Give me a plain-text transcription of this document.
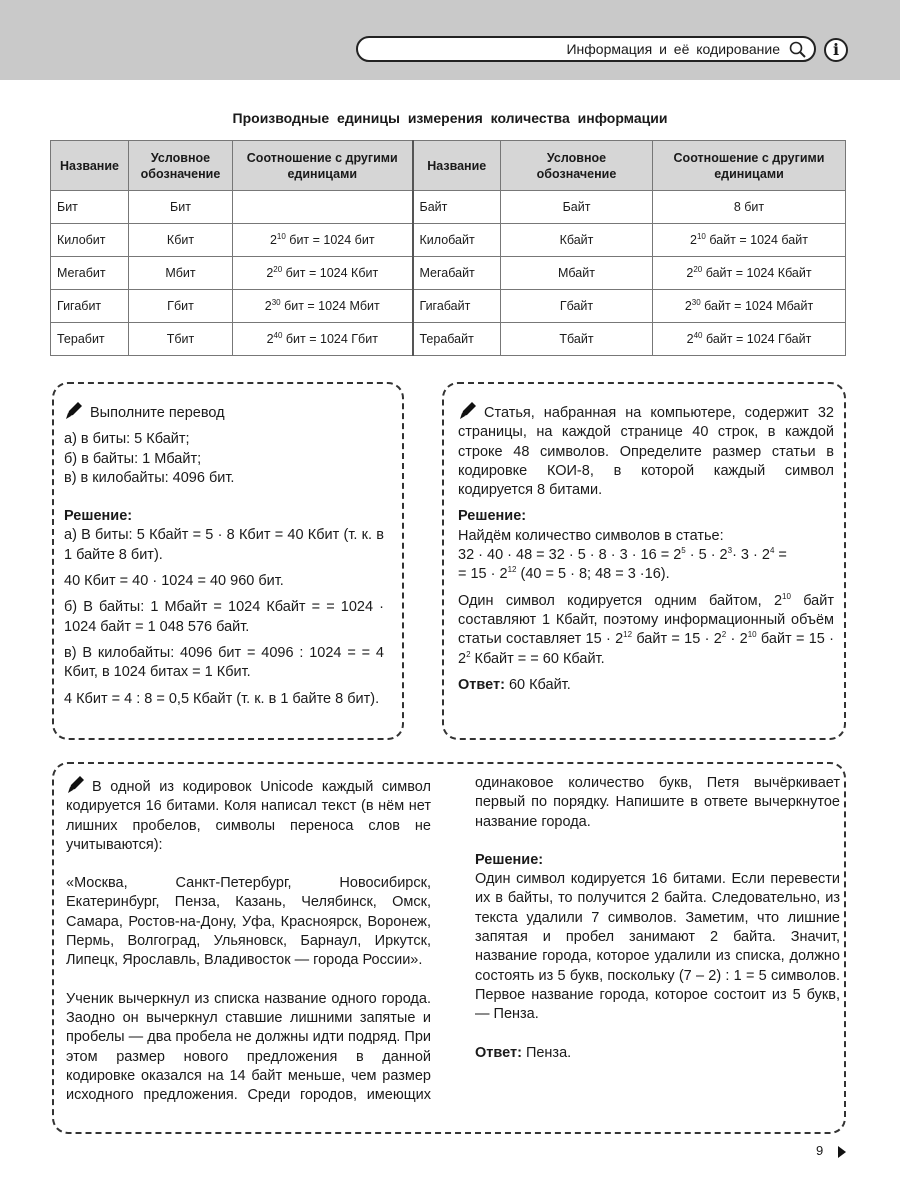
Информация и её кодирование	i
Производные единицы измерения количества информации
Название	Условное обозначение	Соотношение с другими единицами	Название	Условное обозначение	Соотношение с другими единицами
Бит	Бит		Байт	Байт	8 бит
Килобит	Кбит	$2^{10}$ бит = 1024 бит	Килобайт	Кбайт	$2^{10}$ байт = 1024 байт
Мегабит	Мбит	$2^{20}$ бит = 1024 Кбит	Мегабайт	Мбайт	$2^{20}$ байт = 1024 Кбайт
Гигабит	Гбит	$2^{30}$ бит = 1024 Мбит	Гигабайт	Гбайт	$2^{30}$ байт = 1024 Мбайт
Терабит	Тбит	$2^{40}$ бит = 1024 Гбит	Терабайт	Тбайт	$2^{40}$ байт = 1024 Гбайт

Выполните перевод

а) в биты: 5 Кбайт;

б) в байты: 1 Мбайт;

в) в килобайты: 4096 бит.

Решение:

а) В биты: 5 Кбайт = 5 · 8 Кбит = 40 Кбит (т. к. в 1 байте 8 бит).

40 Кбит = 40 · 1024 = 40 960 бит.

б) В байты: 1 Мбайт = 1024 Кбайт = = 1024 · 1024 байт = 1 048 576 байт.

в) В килобайты: 4096 бит = 4096 : 1024 = = 4 Кбит, в 1024 битах = 1 Кбит.

4 Кбит = 4 : 8 = 0,5 Кбайт (т. к. в 1 байте 8 бит).

Статья, набранная на компьютере, содержит 32 страницы, на каждой странице 40 строк, в каждой строке 48 символов. Определите размер статьи в кодировке КОИ-8, в которой каждый символ кодируется 8 битами.

Решение:

Найдём количество символов в статье:

$32 \cdot 40 \cdot 48 = 32 \cdot 5 \cdot 8 \cdot 3 \cdot 16 = 2^5 \cdot 5 \cdot 2^3\cdot 3 \cdot 2^4$ =
= $15 \cdot 2^{12}$ (40 = 5 · 8; 48 = 3 ·16).

Один символ кодируется одним байтом, $2^{10}$ байт составляют 1 Кбайт, поэтому информационный объём статьи составляет $15 \cdot 2^{12}$ байт = $15 \cdot 2^2 \cdot 2^{10}$ байт = $15 \cdot 2^2$ Кбайт = = 60 Кбайт.

Ответ: 60 Кбайт.

В одной из кодировок Unicode каждый символ кодируется 16 битами. Коля написал текст (в нём нет лишних пробелов, символы переноса слов не учитываются):

«Москва, Санкт-Петербург, Новосибирск, Екатеринбург, Пенза, Казань, Челябинск, Омск, Самара, Ростов-на-Дону, Уфа, Красноярск, Воронеж, Пермь, Волгоград, Ульяновск, Барнаул, Иркутск, Липецк, Ярославль, Владивосток — города России».

Ученик вычеркнул из списка название одного города. Заодно он вычеркнул ставшие лишними запятые и пробелы — два пробела не должны идти подряд. При этом размер нового предложения в данной кодировке оказался на 14 байт меньше, чем размер исходного предложения. Среди городов, имеющих одинаковое количество букв, Петя вычёркивает первый по порядку. Напишите в ответе вычеркнутое название города.

Решение:

Один символ кодируется 16 битами. Если перевести их в байты, то получится 2 байта. Следовательно, из текста удалили 7 символов. Заметим, что лишние запятая и пробел занимают 2 байта. Значит, название города, которое удалили из списка, должно состоять из 5 букв, поскольку (7 – 2) : 1 = 5 символов. Первое название города, которое состоит из 5 букв, — Пенза.

Ответ: Пенза.

9
